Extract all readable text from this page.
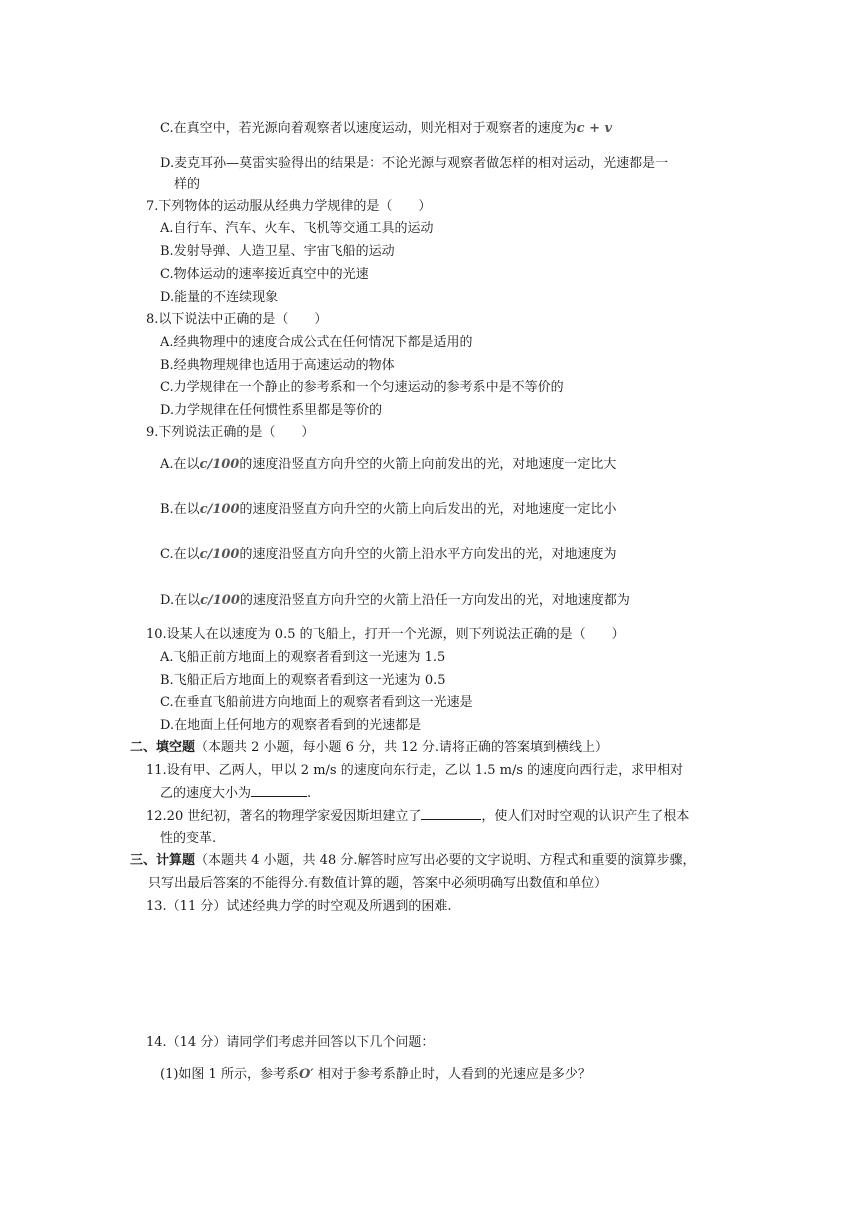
C.在真空中，若光源向着观察者以速度运动，则光相对于观察者的速度为c + v
D.麦克耳孙—莫雷实验得出的结果是：不论光源与观察者做怎样的相对运动，光速都是一
样的
7.下列物体的运动服从经典力学规律的是（　　）
A.自行车、汽车、火车、飞机等交通工具的运动
B.发射导弹、人造卫星、宇宙飞船的运动
C.物体运动的速率接近真空中的光速
D.能量的不连续现象
8.以下说法中正确的是（　　）
A.经典物理中的速度合成公式在任何情况下都是适用的
B.经典物理规律也适用于高速运动的物体
C.力学规律在一个静止的参考系和一个匀速运动的参考系中是不等价的
D.力学规律在任何惯性系里都是等价的
9.下列说法正确的是（　　）
A.在以c/100的速度沿竖直方向升空的火箭上向前发出的光，对地速度一定比大
B.在以c/100的速度沿竖直方向升空的火箭上向后发出的光，对地速度一定比小
C.在以c/100的速度沿竖直方向升空的火箭上沿水平方向发出的光，对地速度为
D.在以c/100的速度沿竖直方向升空的火箭上沿任一方向发出的光，对地速度都为
10.设某人在以速度为 0.5 的飞船上，打开一个光源，则下列说法正确的是（　　）
A.飞船正前方地面上的观察者看到这一光速为 1.5
B.飞船正后方地面上的观察者看到这一光速为 0.5
C.在垂直飞船前进方向地面上的观察者看到这一光速是
D.在地面上任何地方的观察者看到的光速都是
二、填空题（本题共 2 小题，每小题 6 分，共 12 分.请将正确的答案填到横线上）
11.设有甲、乙两人，甲以 2 m/s 的速度向东行走，乙以 1.5 m/s 的速度向西行走，求甲相对
乙的速度大小为	.
12.20 世纪初，著名的物理学家爱因斯坦建立了	，使人们对时空观的认识产生了根本
性的变革.
三、计算题（本题共 4 小题，共 48 分.解答时应写出必要的文字说明、方程式和重要的演算步骤，
只写出最后答案的不能得分.有数值计算的题，答案中必须明确写出数值和单位）
13.（11 分）试述经典力学的时空观及所遇到的困难.
14.（14 分）请同学们考虑并回答以下几个问题：
(1)如图 1 所示，参考系O′ 相对于参考系静止时，人看到的光速应是多少？
